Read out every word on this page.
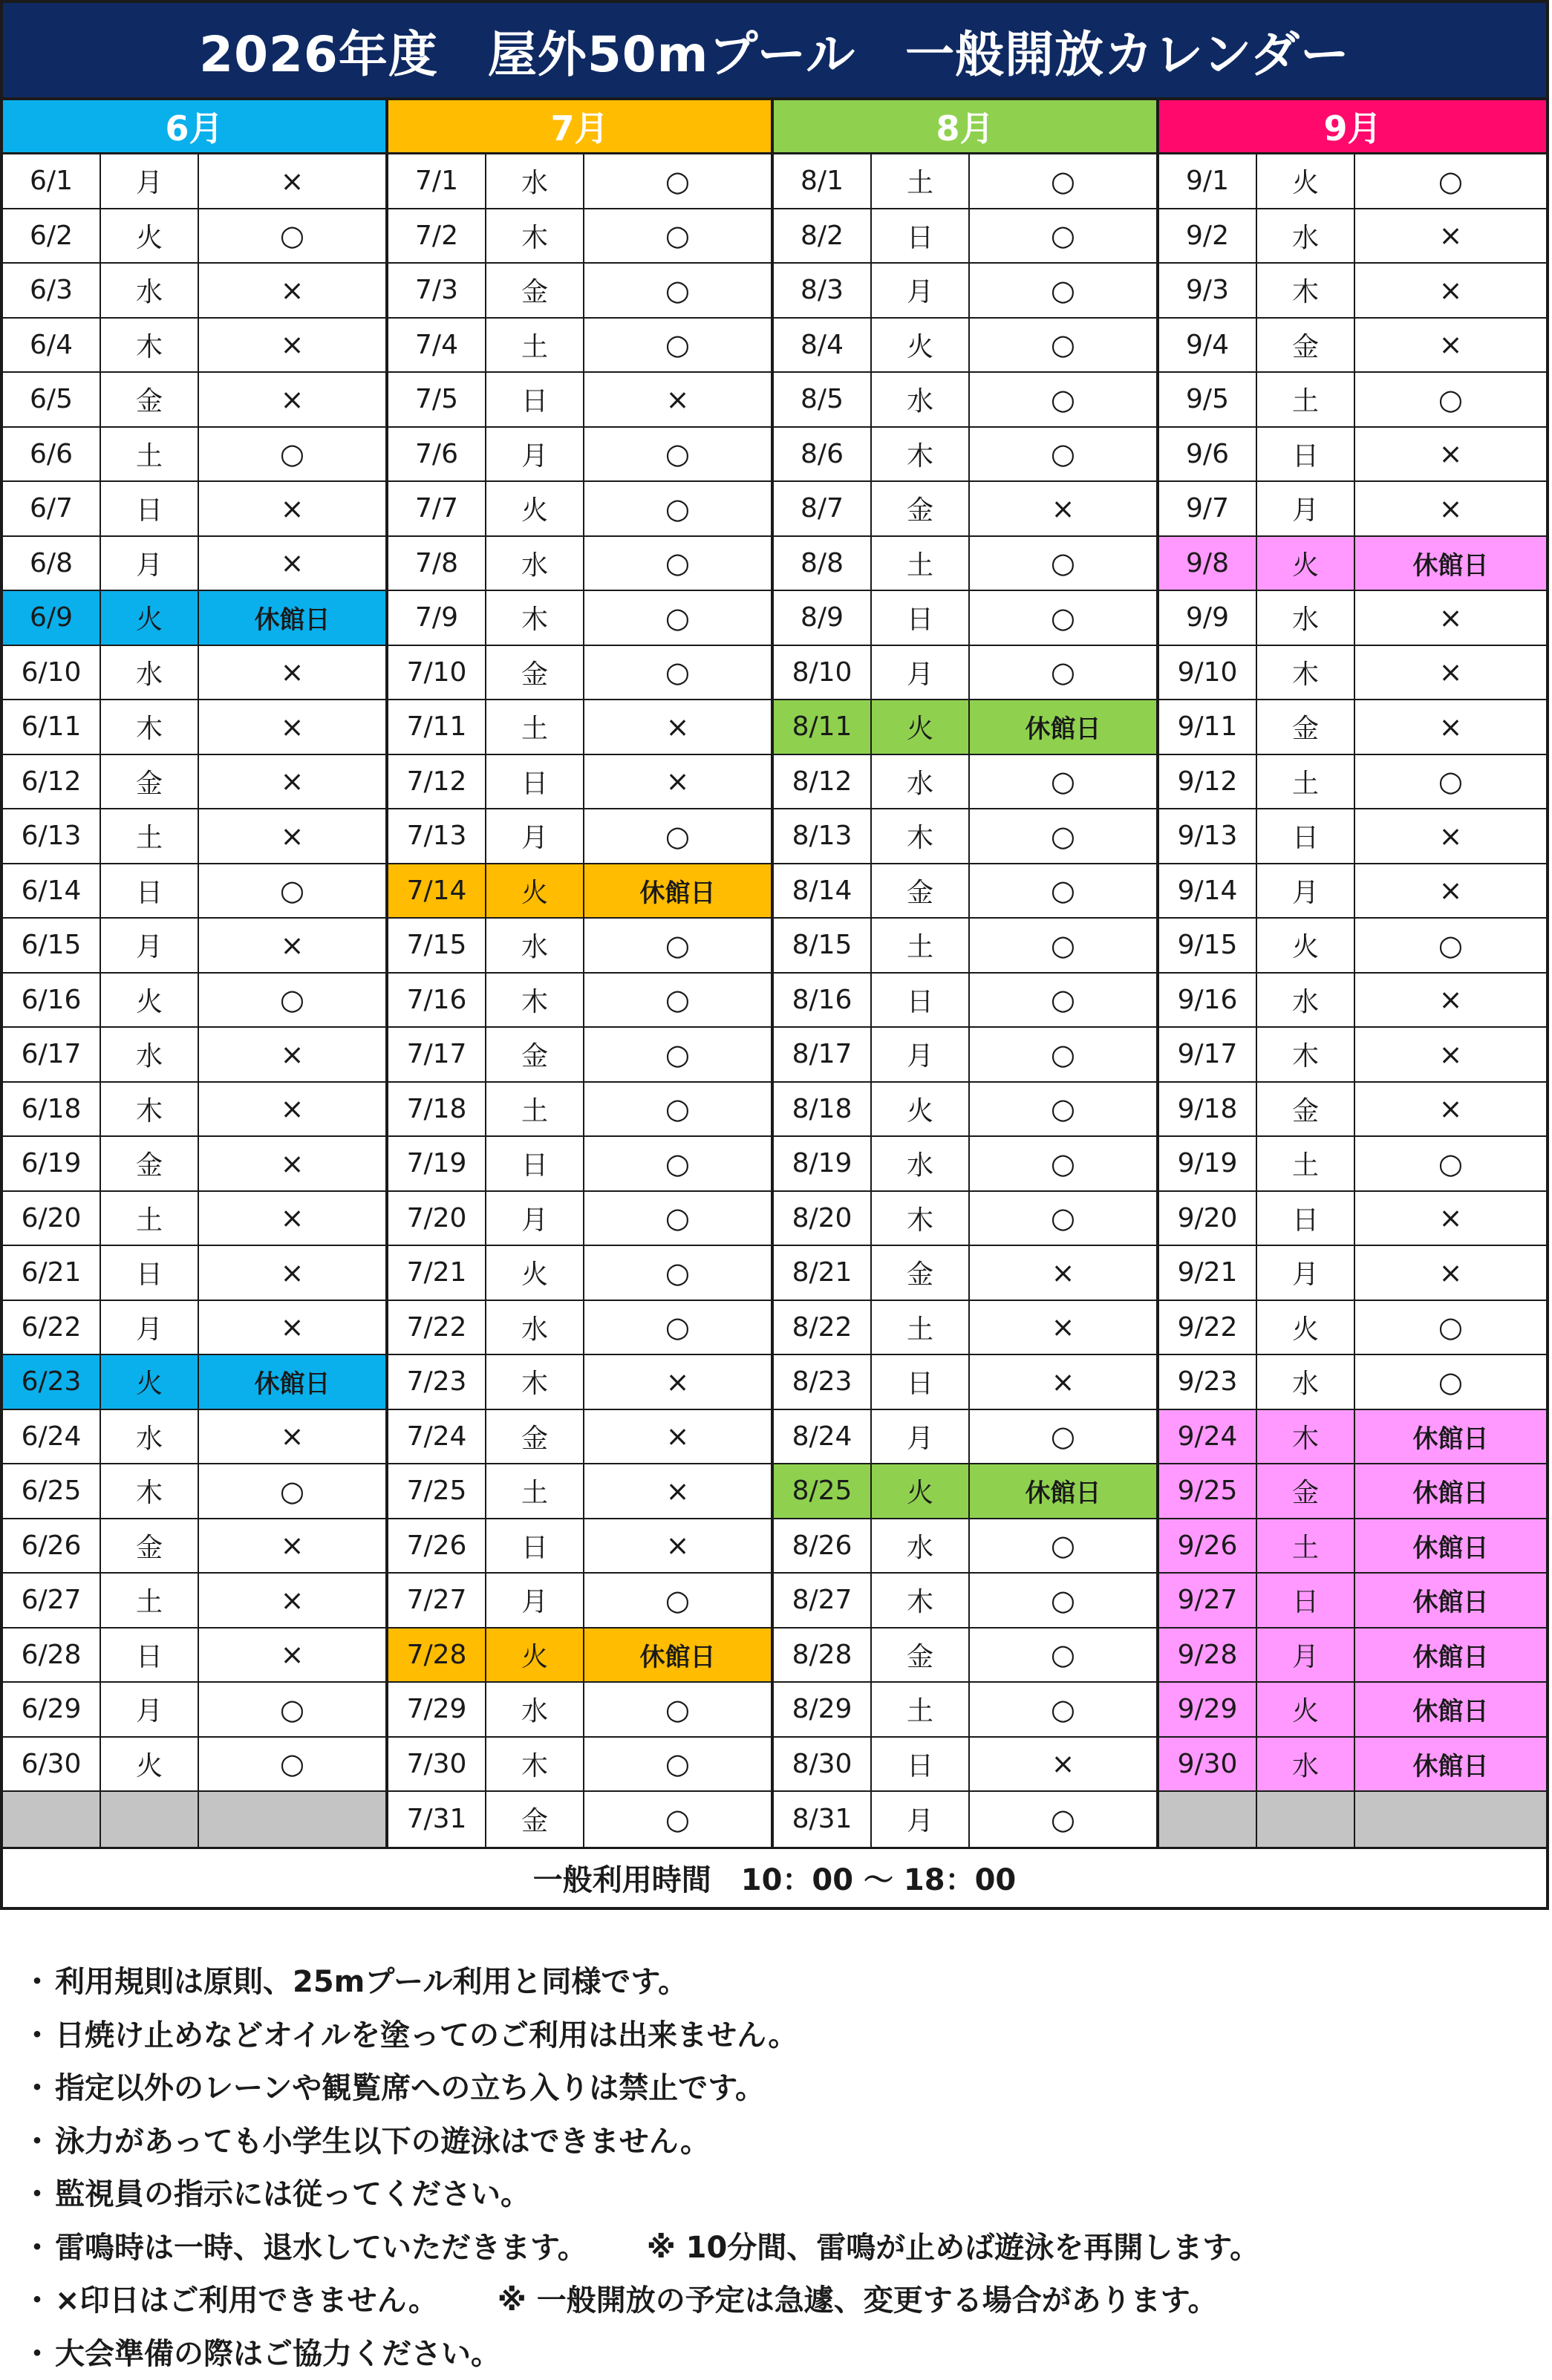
2026年度　屋外50mプール　一般開放カレンダー
6月
6/1	月	×
6/2	火	○
6/3	水	×
6/4	木	×
6/5	金	×
6/6	土	○
6/7	日	×
6/8	月	×
6/9	火	休館日
6/10	水	×
6/11	木	×
6/12	金	×
6/13	土	×
6/14	日	○
6/15	月	×
6/16	火	○
6/17	水	×
6/18	木	×
6/19	金	×
6/20	土	×
6/21	日	×
6/22	月	×
6/23	火	休館日
6/24	水	×
6/25	木	○
6/26	金	×
6/27	土	×
6/28	日	×
6/29	月	○
6/30	火	○
7月
7/1	水	○
7/2	木	○
7/3	金	○
7/4	土	○
7/5	日	×
7/6	月	○
7/7	火	○
7/8	水	○
7/9	木	○
7/10	金	○
7/11	土	×
7/12	日	×
7/13	月	○
7/14	火	休館日
7/15	水	○
7/16	木	○
7/17	金	○
7/18	土	○
7/19	日	○
7/20	月	○
7/21	火	○
7/22	水	○
7/23	木	×
7/24	金	×
7/25	土	×
7/26	日	×
7/27	月	○
7/28	火	休館日
7/29	水	○
7/30	木	○
7/31	金	○
8月
8/1	土	○
8/2	日	○
8/3	月	○
8/4	火	○
8/5	水	○
8/6	木	○
8/7	金	×
8/8	土	○
8/9	日	○
8/10	月	○
8/11	火	休館日
8/12	水	○
8/13	木	○
8/14	金	○
8/15	土	○
8/16	日	○
8/17	月	○
8/18	火	○
8/19	水	○
8/20	木	○
8/21	金	×
8/22	土	×
8/23	日	×
8/24	月	○
8/25	火	休館日
8/26	水	○
8/27	木	○
8/28	金	○
8/29	土	○
8/30	日	×
8/31	月	○
9月
9/1	火	○
9/2	水	×
9/3	木	×
9/4	金	×
9/5	土	○
9/6	日	×
9/7	月	×
9/8	火	休館日
9/9	水	×
9/10	木	×
9/11	金	×
9/12	土	○
9/13	日	×
9/14	月	×
9/15	火	○
9/16	水	×
9/17	木	×
9/18	金	×
9/19	土	○
9/20	日	×
9/21	月	×
9/22	火	○
9/23	水	○
9/24	木	休館日
9/25	金	休館日
9/26	土	休館日
9/27	日	休館日
9/28	月	休館日
9/29	火	休館日
9/30	水	休館日
一般利用時間　10：00 ～ 18：00
・ 利用規則は原則、25mプール利用と同様です。
・ 日焼け止めなどオイルを塗ってのご利用は出来ません。
・ 指定以外のレーンや観覧席への立ち入りは禁止です。
・ 泳力があっても小学生以下の遊泳はできません。
・ 監視員の指示には従ってください。
・ 雷鳴時は一時、退水していただきます。 ※ 10分間、雷鳴が止めば遊泳を再開します。
・ ×印日はご利用できません。 ※ 一般開放の予定は急遽、変更する場合があります。
・ 大会準備の際はご協力ください。
